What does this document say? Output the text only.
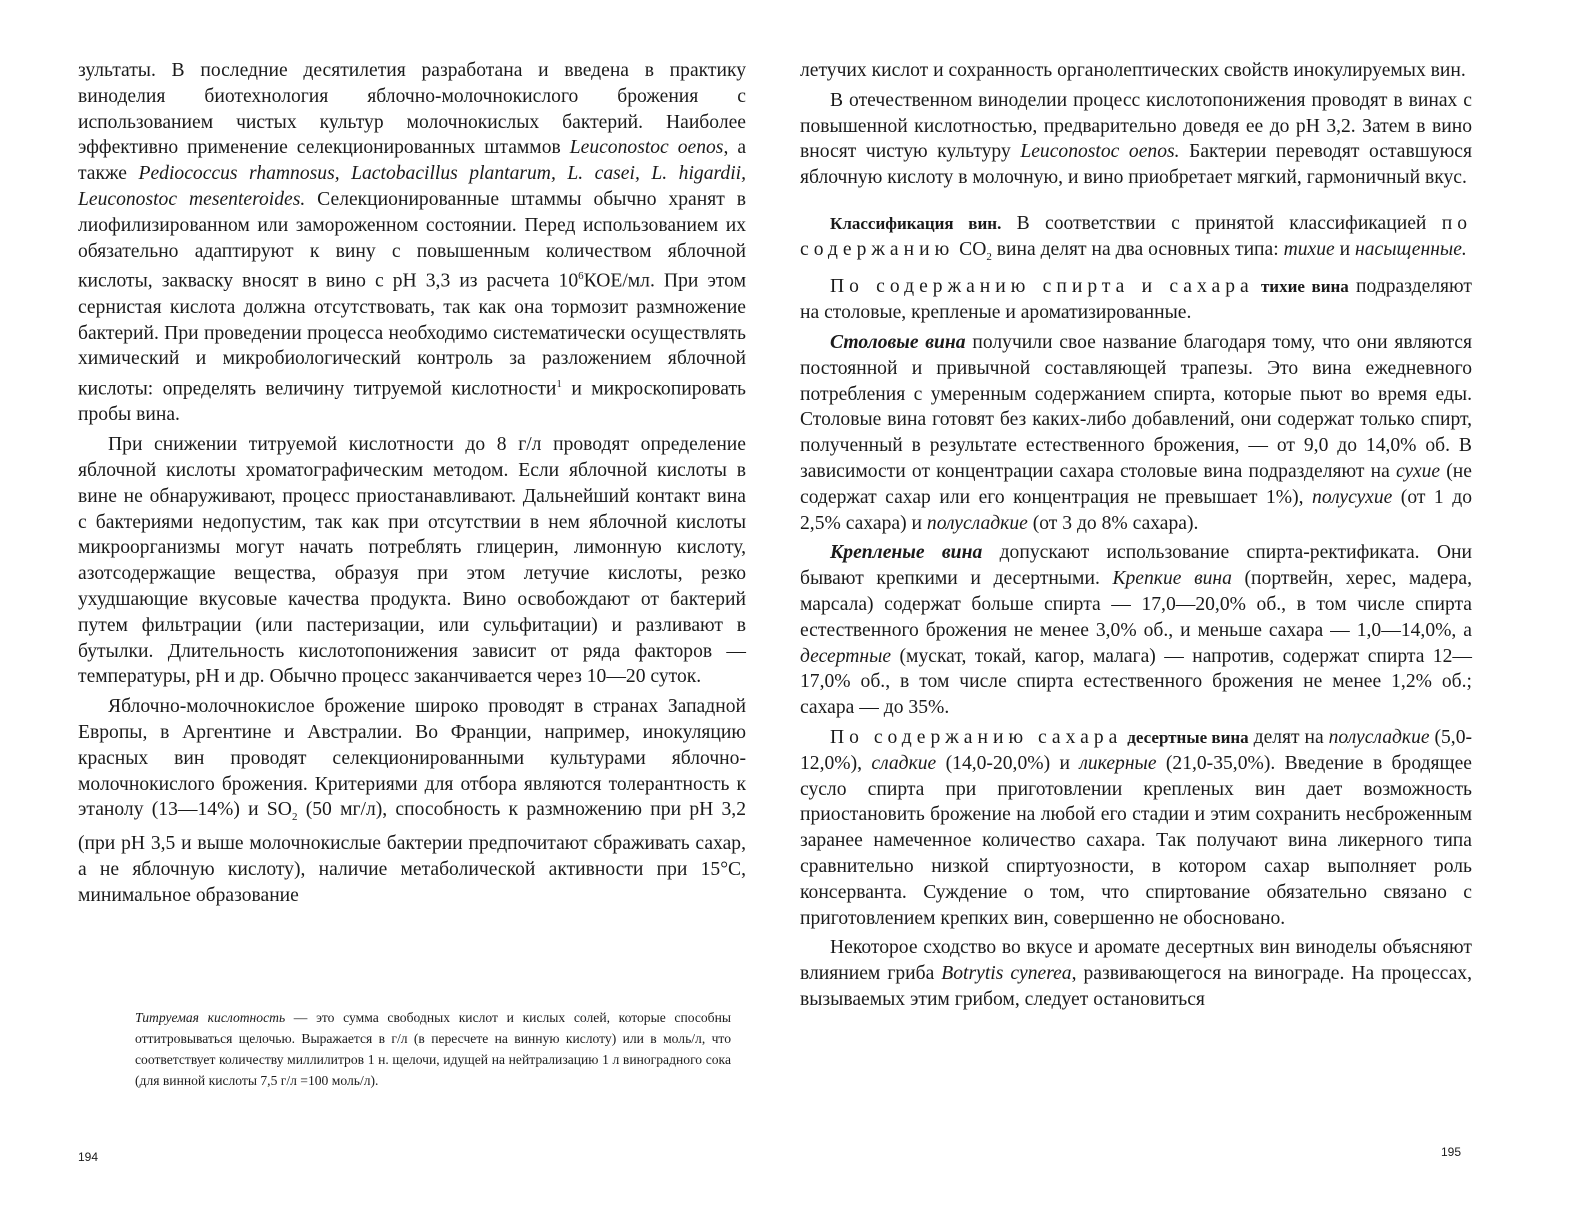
зультаты. В последние десятилетия разработана и введена в практику виноделия биотехнология яблочно-молочнокислого брожения с использованием чистых культур молочнокислых бактерий. Наиболее эффективно применение селекционированных штаммов Leuconostoc oenos, а также Pediococcus rhamnosus, Lactobacillus plantarum, L. casei, L. higardii, Leuconostoc mesenteroides. Селекционированные штаммы обычно хранят в лиофилизированном или замороженном состоянии. Перед использованием их обязательно адаптируют к вину с повышенным количеством яблочной кислоты, закваску вносят в вино с рН 3,3 из расчета $10^6КОЕ/мл$. При этом сернистая кислота должна отсутствовать, так как она тормозит размножение бактерий. При проведении процесса необходимо систематически осуществлять химический и микробиологический контроль за разложением яблочной кислоты: определять величину титруемой кислотности$^1$ и микроскопировать пробы вина.

При снижении титруемой кислотности до 8 г/л проводят определение яблочной кислоты хроматографическим методом. Если яблочной кислоты в вине не обнаруживают, процесс приостанавливают. Дальнейший контакт вина с бактериями недопустим, так как при отсутствии в нем яблочной кислоты микроорганизмы могут начать потреблять глицерин, лимонную кислоту, азотсодержащие вещества, образуя при этом летучие кислоты, резко ухудшающие вкусовые качества продукта. Вино освобождают от бактерий путем фильтрации (или пастеризации, или сульфитации) и разливают в бутылки. Длительность кислотопонижения зависит от ряда факторов — температуры, рН и др. Обычно процесс заканчивается через 10—20 суток.

Яблочно-молочнокислое брожение широко проводят в странах Западной Европы, в Аргентине и Австралии. Во Франции, например, инокуляцию красных вин проводят селекционированными культурами яблочно-молочнокислого брожения. Критериями для отбора являются толерантность к этанолу (13—14%) и $SO_2$ (50 мг/л), способность к размножению при рН 3,2 (при рН 3,5 и выше молочнокислые бактерии предпочитают сбраживать сахар, а не яблочную кислоту), наличие метаболической активности при 15°С, минимальное образование

Титруемая кислотность — это сумма свободных кислот и кислых солей, которые способны оттитровываться щелочью. Выражается в г/л (в пересчете на винную кислоту) или в моль/л, что соответствует количеству миллилитров 1 н. щелочи, идущей на нейтрализацию 1 л виноградного сока (для винной кислоты 7,5 г/л =100 моль/л).
194

летучих кислот и сохранность органолептических свойств инокулируемых вин.

В отечественном виноделии процесс кислотопонижения проводят в винах с повышенной кислотностью, предварительно доведя ее до рН 3,2. Затем в вино вносят чистую культуру Leuconostoc oenos. Бактерии переводят оставшуюся яблочную кислоту в молочную, и вино приобретает мягкий, гармоничный вкус.

Классификация вин. В соответствии с принятой классификацией по содержанию $CO_2$ вина делят на два основных типа: тихие и насыщенные.

По содержанию спирта и сахара тихие вина подразделяют на столовые, крепленые и ароматизированные.

Столовые вина получили свое название благодаря тому, что они являются постоянной и привычной составляющей трапезы. Это вина ежедневного потребления с умеренным содержанием спирта, которые пьют во время еды. Столовые вина готовят без каких-либо добавлений, они содержат только спирт, полученный в результате естественного брожения, — от 9,0 до 14,0% об. В зависимости от концентрации сахара столовые вина подразделяют на сухие (не содержат сахар или его концентрация не превышает 1%), полусухие (от 1 до 2,5% сахара) и полусладкие (от 3 до 8% сахара).

Крепленые вина допускают использование спирта-ректификата. Они бывают крепкими и десертными. Крепкие вина (портвейн, херес, мадера, марсала) содержат больше спирта — 17,0—20,0% об., в том числе спирта естественного брожения не менее 3,0% об., и меньше сахара — 1,0—14,0%, а десертные (мускат, токай, кагор, малага) — напротив, содержат спирта 12—17,0% об., в том числе спирта естественного брожения не менее 1,2% об.; сахара — до 35%.

По содержанию сахара десертные вина делят на полусладкие (5,0-12,0%), сладкие (14,0-20,0%) и ликерные (21,0-35,0%). Введение в бродящее сусло спирта при приготовлении крепленых вин дает возможность приостановить брожение на любой его стадии и этим сохранить несброженным заранее намеченное количество сахара. Так получают вина ликерного типа сравнительно низкой спиртуозности, в котором сахар выполняет роль консерванта. Суждение о том, что спиртование обязательно связано с приготовлением крепких вин, совершенно не обосновано.

Некоторое сходство во вкусе и аромате десертных вин виноделы объясняют влиянием гриба Botrytis cynerea, развивающегося на винограде. На процессах, вызываемых этим грибом, следует остановиться

195
